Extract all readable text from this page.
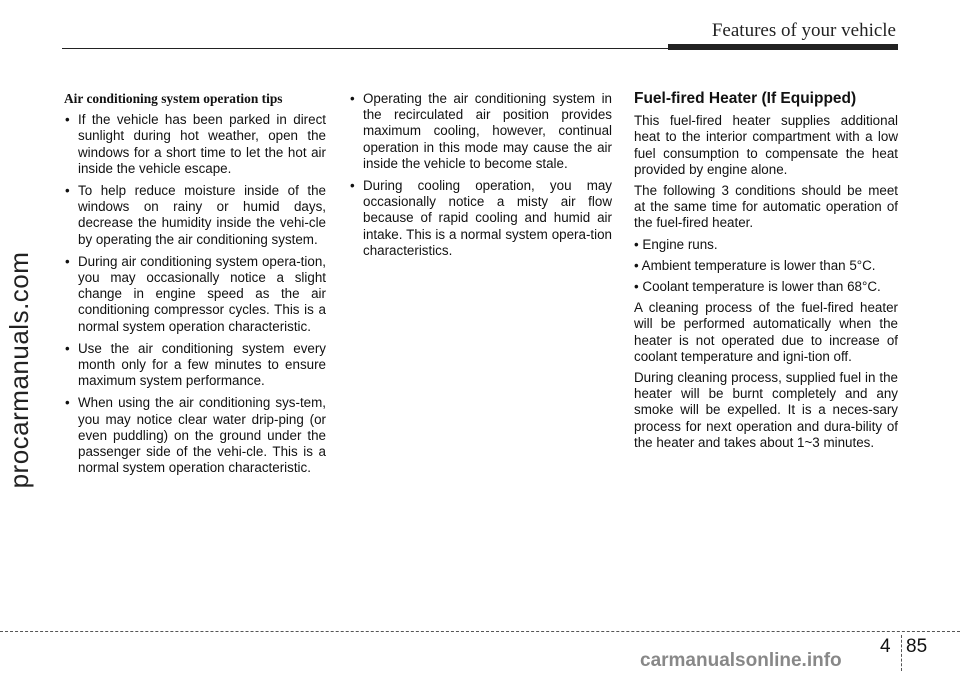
Features of your vehicle
procarmanuals.com
Air conditioning system operation tips
• If the vehicle has been parked in direct sunlight during hot weather, open the windows for a short time to let the hot air inside the vehicle escape.
• To help reduce moisture inside of the windows on rainy or humid days, decrease the humidity inside the vehi-cle by operating the air conditioning system.
• During air conditioning system opera-tion, you may occasionally notice a slight change in engine speed as the air conditioning compressor cycles. This is a normal system operation characteristic.
• Use the air conditioning system every month only for a few minutes to ensure maximum system performance.
• When using the air conditioning sys-tem, you may notice clear water drip-ping (or even puddling) on the ground under the passenger side of the vehi-cle. This is a normal system operation characteristic.
• Operating the air conditioning system in the recirculated air position provides maximum cooling, however, continual operation in this mode may cause the air inside the vehicle to become stale.
• During cooling operation, you may occasionally notice a misty air flow because of rapid cooling and humid air intake. This is a normal system opera-tion characteristics.
Fuel-fired Heater (If Equipped)

This fuel-fired heater supplies additional heat to the interior compartment with a low fuel consumption to compensate the heat provided by engine alone.

The following 3 conditions should be meet at the same time for automatic operation of the fuel-fired heater.

• Engine runs.

• Ambient temperature is lower than 5°C.

• Coolant temperature is lower than 68°C.

A cleaning process of the fuel-fired heater will be performed automatically when the heater is not operated due to increase of coolant temperature and igni-tion off.

During cleaning process, supplied fuel in the heater will be burnt completely and any smoke will be expelled. It is a neces-sary process for next operation and dura-bility of the heater and takes about 1~3 minutes.

4 85
carmanualsonline.info
